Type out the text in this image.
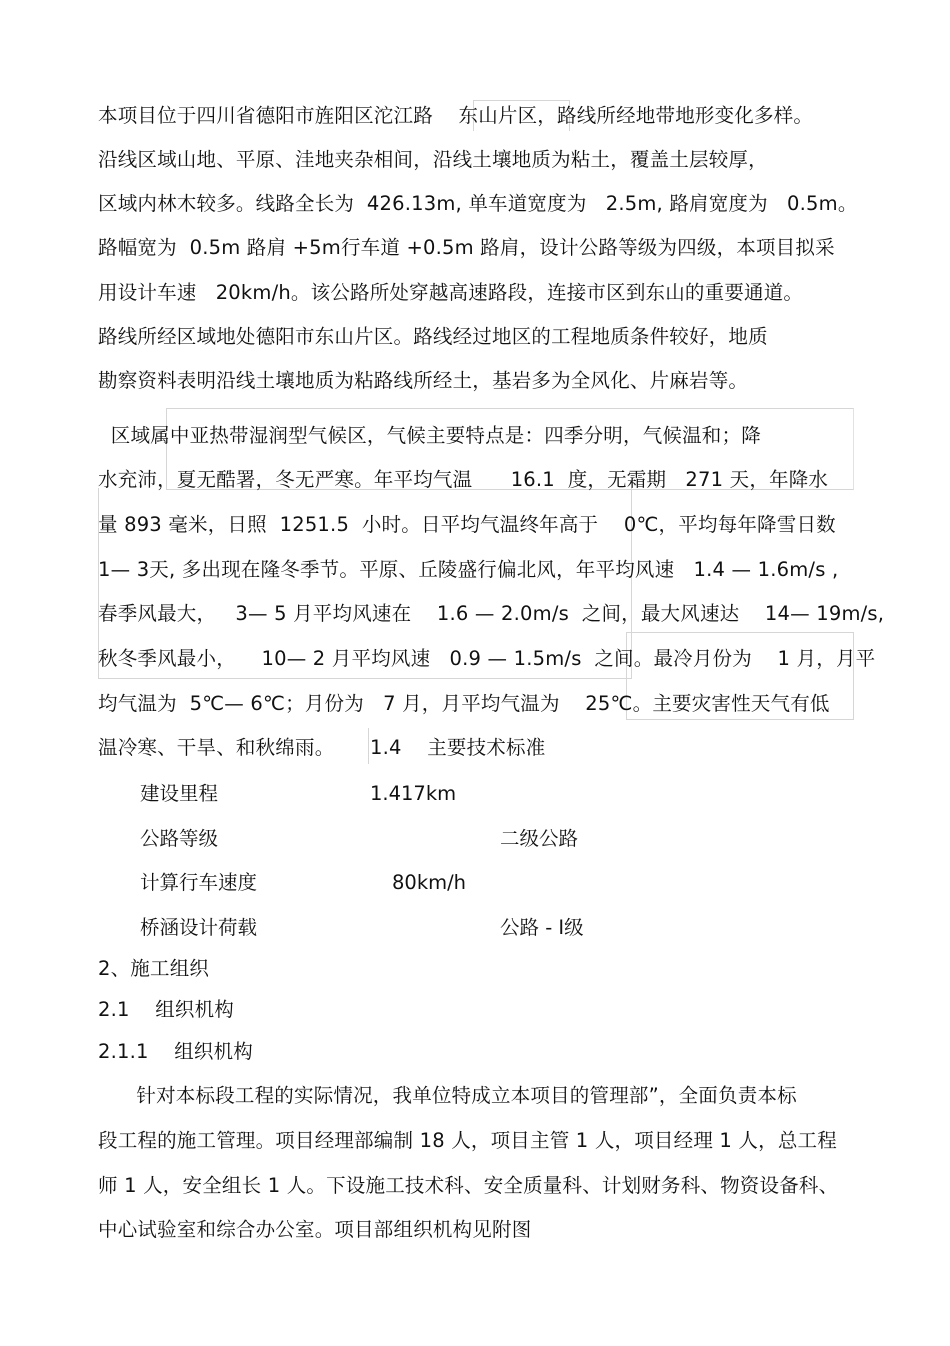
本项目位于四川省德阳市旌阳区沱江路    东山片区，路线所经地带地形变化多样。
沿线区域山地、平原、洼地夹杂相间，沿线土壤地质为粘土，覆盖土层较厚，
区域内林木较多。线路全长为  426.13m, 单车道宽度为   2.5m, 路肩宽度为   0.5m。
路幅宽为  0.5m 路肩 +5m行车道 +0.5m 路肩，设计公路等级为四级，本项目拟采
用设计车速   20km/h。该公路所处穿越高速路段，连接市区到东山的重要通道。
路线所经区域地处德阳市东山片区。路线经过地区的工程地质条件较好，地质
勘察资料表明沿线土壤地质为粘路线所经土，基岩多为全风化、片麻岩等。
区域属中亚热带湿润型气候区，气候主要特点是：四季分明，气候温和；降
水充沛，夏无酷署，冬无严寒。年平均气温      16.1  度，无霜期   271 天，年降水
量 893 毫米，日照  1251.5  小时。日平均气温终年高于    0℃，平均每年降雪日数
1— 3天, 多出现在隆冬季节。平原、丘陵盛行偏北风，年平均风速   1.4 — 1.6m/s ,
春季风最大，   3— 5 月平均风速在    1.6 — 2.0m/s  之间，最大风速达    14— 19m/s,
秋冬季风最小，    10— 2 月平均风速   0.9 — 1.5m/s  之间。最冷月份为    1 月，月平
均气温为  5℃— 6℃；月份为   7 月，月平均气温为    25℃。主要灾害性天气有低
温冷寒、干旱、和秋绵雨。 1.4    主要技术标准
建设里程	1.417km
公路等级	二级公路
计算行车速度	80km/h
桥涵设计荷载	公路 - Ⅰ级
2、施工组织
2.1    组织机构
2.1.1    组织机构
针对本标段工程的实际情况，我单位特成立本项目的管理部”，全面负责本标
段工程的施工管理。项目经理部编制 18 人，项目主管 1 人，项目经理 1 人，总工程
师 1 人，安全组长 1 人。下设施工技术科、安全质量科、计划财务科、物资设备科、
中心试验室和综合办公室。项目部组织机构见附图
